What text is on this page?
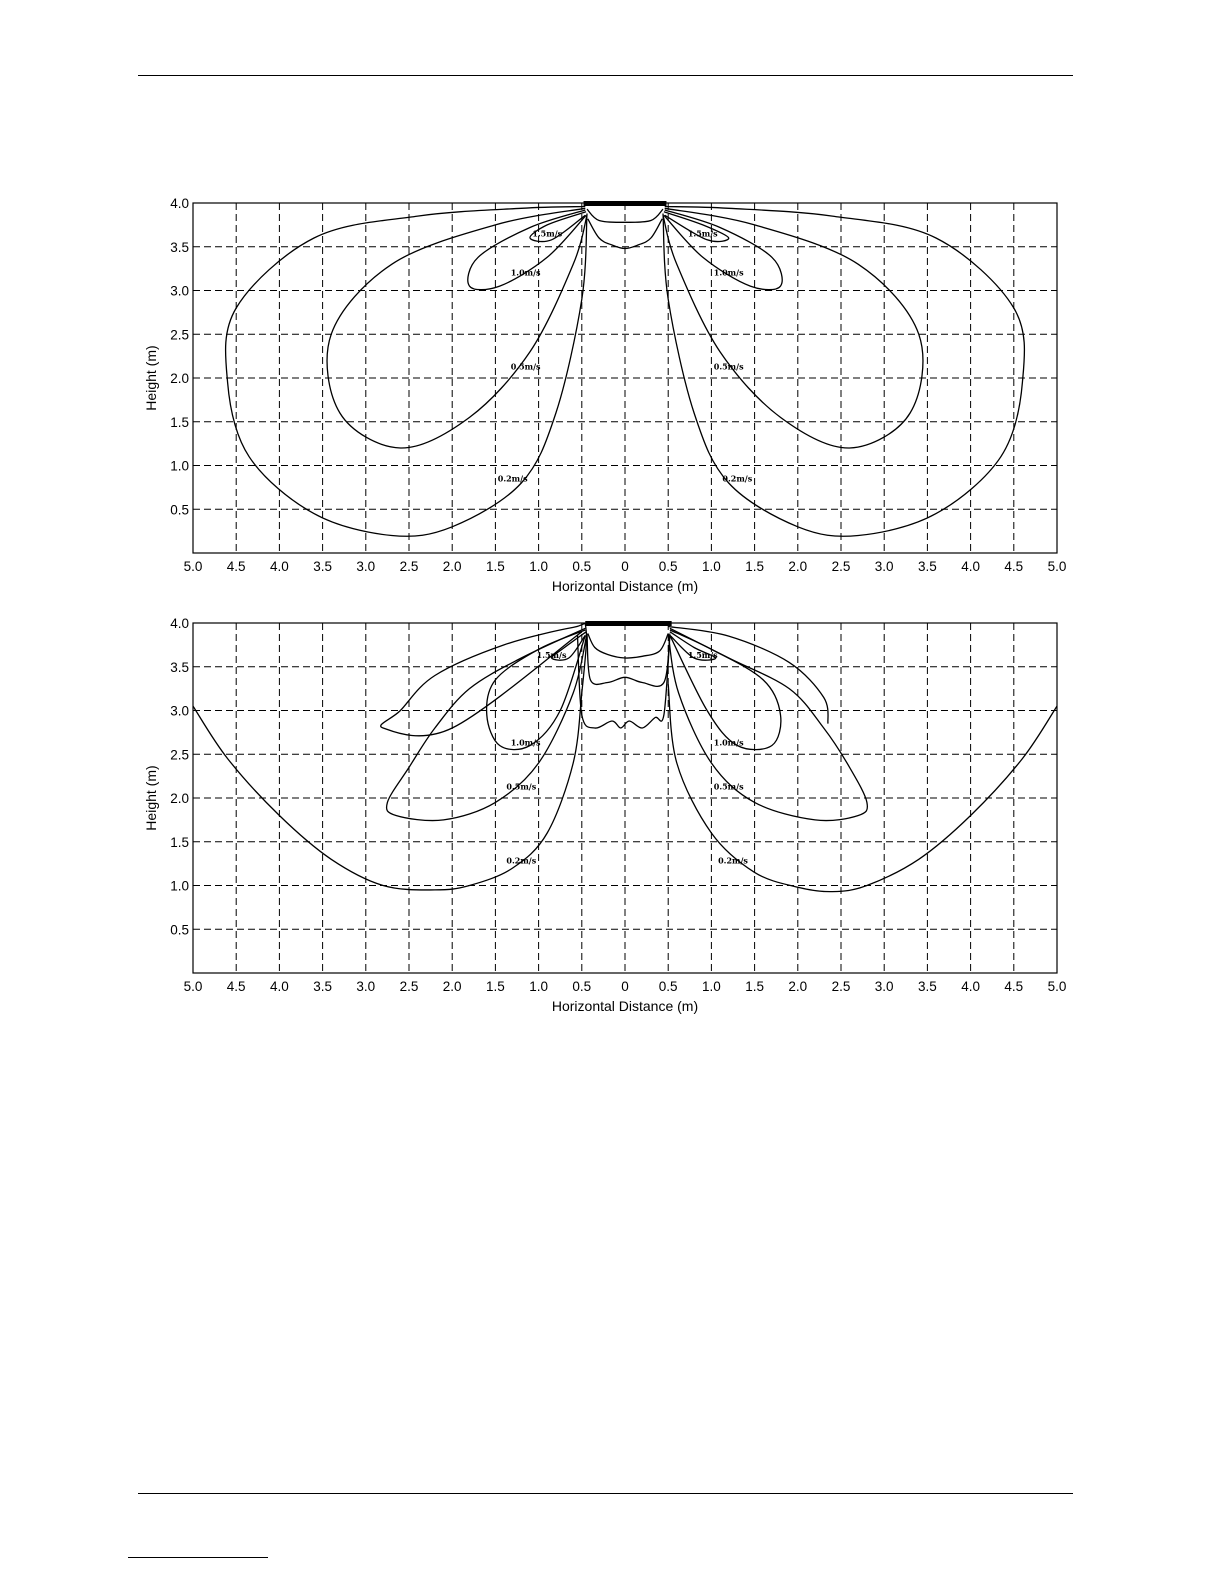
1.5m/s	1.5m/s
1.0m/s	1.0m/s
0.5m/s	0.5m/s
0.2m/s	0.2m/s
4.0
3.5
3.0
2.5
2.0
1.5
1.0
0.5
5.0 4.5 4.0 3.5 3.0 2.5 2.0 1.5 1.0 0.5 0 0.5 1.0 1.5 2.0 2.5 3.0 3.5 4.0 4.5 5.0
Horizontal Distance (m)
Height (m)
1.5m/s	1.5m/s
1.0m/s	1.0m/s
0.5m/s	0.5m/s
0.2m/s	0.2m/s
4.0
3.5
3.0
2.5
2.0
1.5
1.0
0.5
5.0 4.5 4.0 3.5 3.0 2.5 2.0 1.5 1.0 0.5 0 0.5 1.0 1.5 2.0 2.5 3.0 3.5 4.0 4.5 5.0
Horizontal Distance (m)
Height (m)
